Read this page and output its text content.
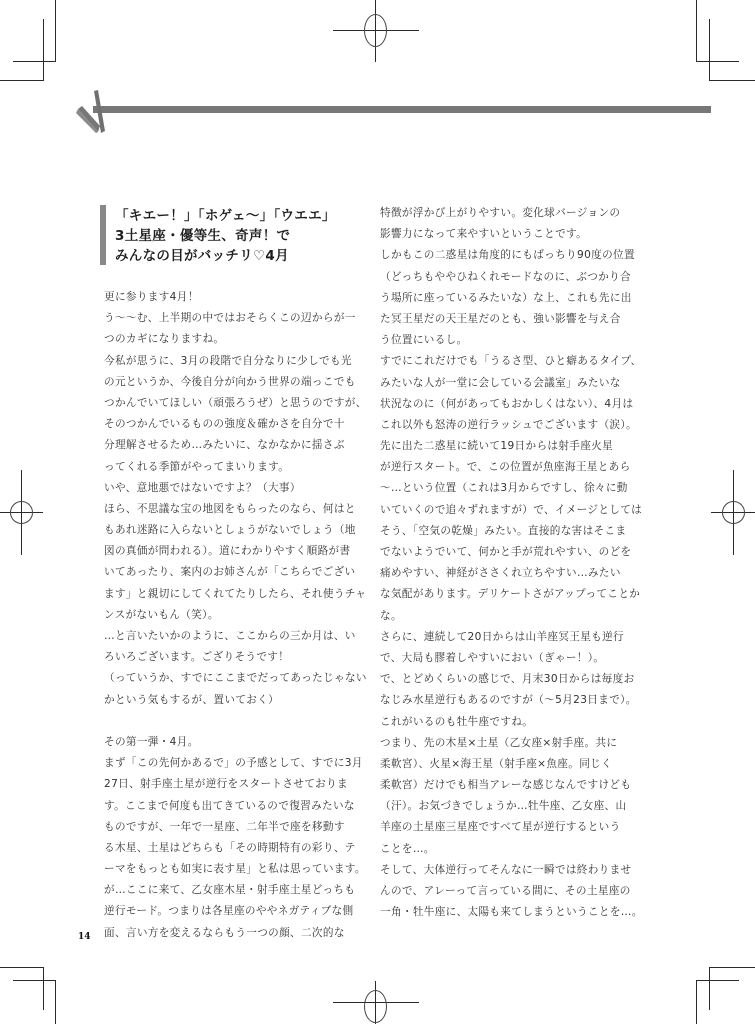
「キエー！」「ホゲェ〜」「ウエエ」
3土星座・優等生、奇声！で
みんなの目がバッチリ♡4月

更に参ります4月！

う〜〜む、上半期の中ではおそらくこの辺からが一

つのカギになりますね。

今私が思うに、3月の段階で自分なりに少しでも光

の元というか、今後自分が向かう世界の端っこでも

つかんでいてほしい（頑張ろうぜ）と思うのですが、

そのつかんでいるものの強度＆確かさを自分で十

分理解させるため…みたいに、なかなかに揺さぶ

ってくれる季節がやってまいります。

いや、意地悪ではないですよ？（大事）

ほら、不思議な宝の地図をもらったのなら、何はと

もあれ迷路に入らないとしょうがないでしょう（地

図の真価が問われる）。道にわかりやすく順路が書

いてあったり、案内のお姉さんが「こちらでござい

ます」と親切にしてくれてたりしたら、それ使うチャ

ンスがないもん（笑）。

…と言いたいかのように、ここからの三か月は、い

ろいろございます。ござりそうです！

（っていうか、すでにここまでだってあったじゃない

かという気もするが、置いておく）

その第一弾・4月。

まず「この先何かあるで」の予感として、すでに3月

27日、射手座土星が逆行をスタートさせておりま

す。ここまで何度も出てきているので復習みたいな

ものですが、一年で一星座、二年半で座を移動す

る木星、土星はどちらも「その時期特有の彩り、テ

ーマをもっとも如実に表す星」と私は思っています。

が…ここに来て、乙女座木星・射手座土星どっちも

逆行モード。つまりは各星座のややネガティブな側

面、言い方を変えるならもう一つの顔、二次的な

特徴が浮かび上がりやすい。変化球バージョンの

影響力になって来やすいということです。

しかもこの二惑星は角度的にもばっちり90度の位置

（どっちもややひねくれモードなのに、ぶつかり合

う場所に座っているみたいな）な上、これも先に出

た冥王星だの天王星だのとも、強い影響を与え合

う位置にいるし。

すでにこれだけでも「うるさ型、ひと癖あるタイプ、

みたいな人が一堂に会している会議室」みたいな

状況なのに（何があってもおかしくはない）、4月は

これ以外も怒涛の逆行ラッシュでございます（涙）。

先に出た二惑星に続いて19日からは射手座火星

が逆行スタート。で、この位置が魚座海王星とあら

〜…という位置（これは3月からですし、徐々に動

いていくので追々ずれますが）で、イメージとしては

そう、「空気の乾燥」みたい。直接的な害はそこま

でないようでいて、何かと手が荒れやすい、のどを

痛めやすい、神経がささくれ立ちやすい…みたい

な気配があります。デリケートさがアップってことか

な。

さらに、連続して20日からは山羊座冥王星も逆行

で、大局も膠着しやすいにおい（ぎゃー！）。

で、とどめくらいの感じで、月末30日からは毎度お

なじみ水星逆行もあるのですが（〜5月23日まで）。

これがいるのも牡牛座ですね。

つまり、先の木星×土星（乙女座×射手座。共に

柔軟宮）、火星×海王星（射手座×魚座。同じく

柔軟宮）だけでも相当アレーな感じなんですけども

（汗）。お気づきでしょうか…牡牛座、乙女座、山

羊座の土星座三星座ですべて星が逆行するという

ことを…。

そして、大体逆行ってそんなに一瞬では終わりませ

んので、アレーって言っている間に、その土星座の

一角・牡牛座に、太陽も来てしまうということを…。

14
